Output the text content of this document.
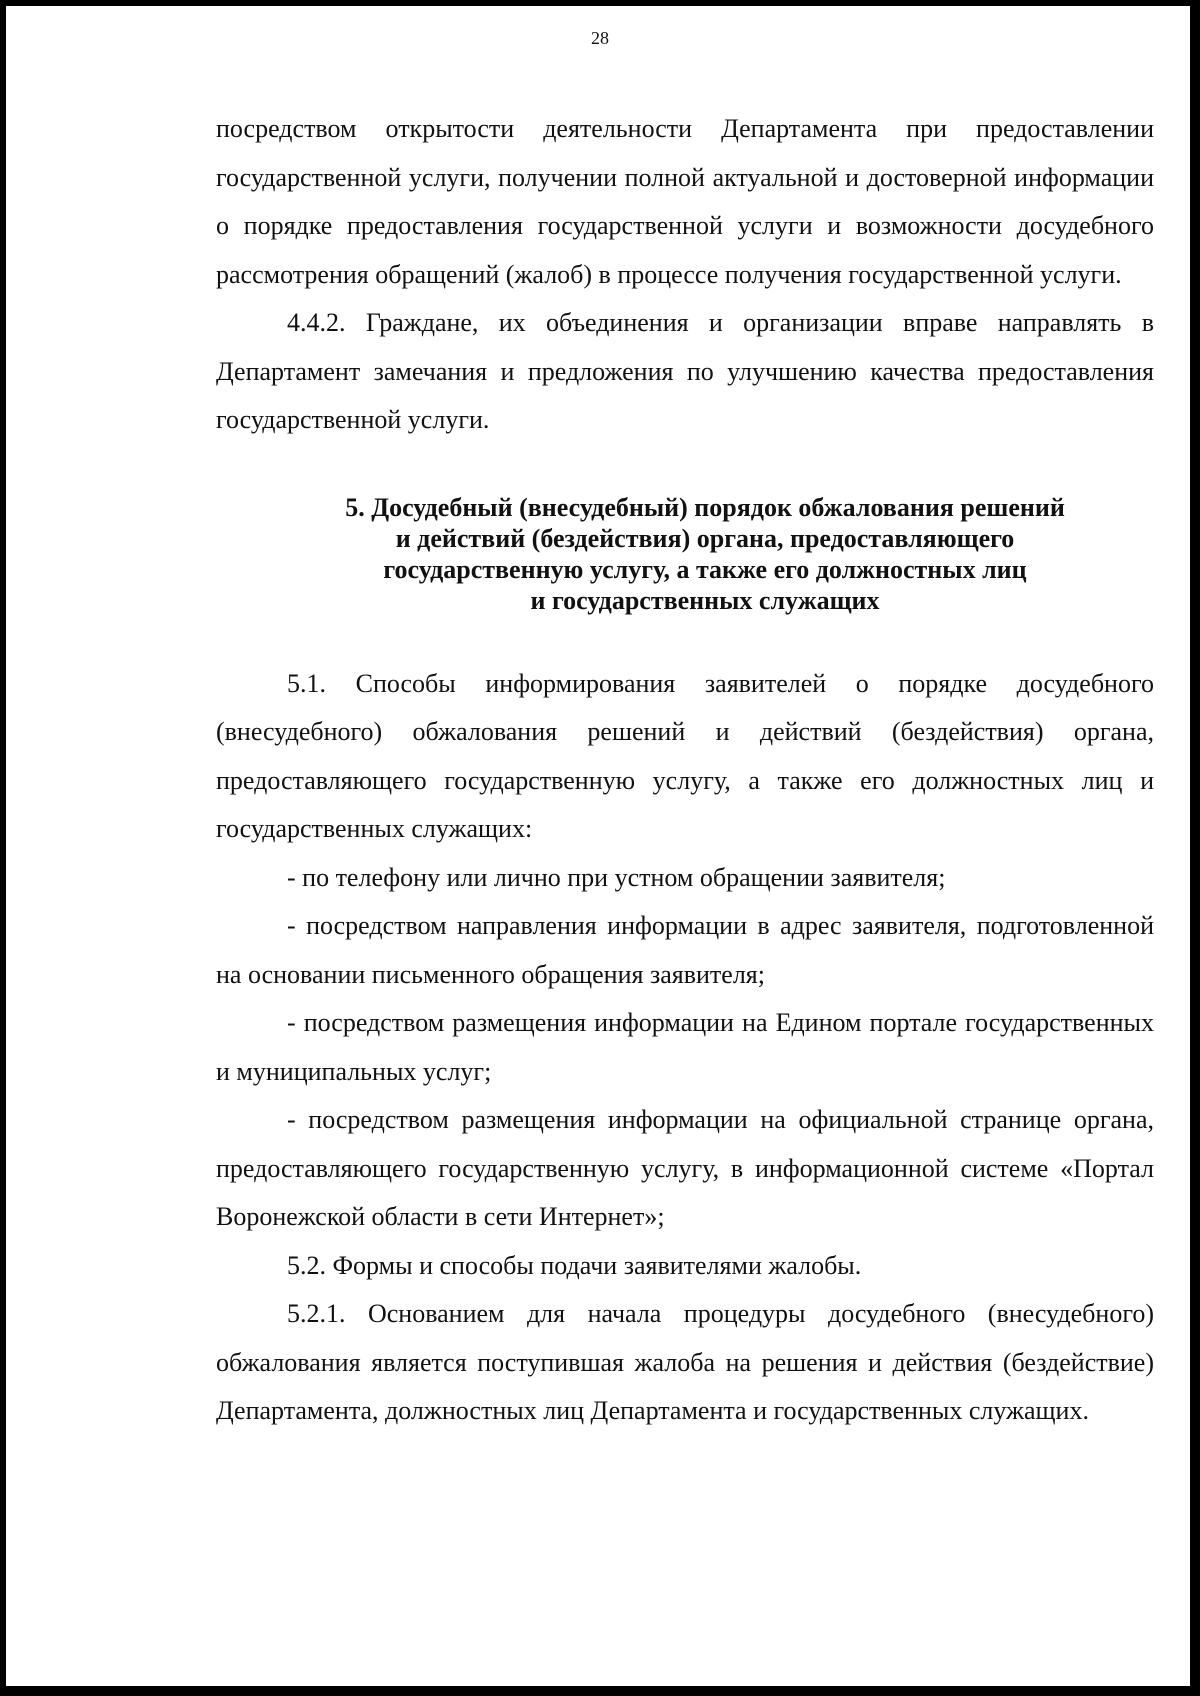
28

посредством открытости деятельности Департамента при предоставлении государственной услуги, получении полной актуальной и достоверной информации о порядке предоставления государственной услуги и возможности досудебного рассмотрения обращений (жалоб) в процессе получения государственной услуги.

4.4.2. Граждане, их объединения и организации вправе направлять в Департамент замечания и предложения по улучшению качества предоставления государственной услуги.

5. Досудебный (внесудебный) порядок обжалования решений
и действий (бездействия) органа, предоставляющего
государственную услугу, а также его должностных лиц
и государственных служащих

5.1. Способы информирования заявителей о порядке досудебного (внесудебного) обжалования решений и действий (бездействия) органа, предоставляющего государственную услугу, а также его должностных лиц и государственных служащих:

- по телефону или лично при устном обращении заявителя;

- посредством направления информации в адрес заявителя, подготовленной на основании письменного обращения заявителя;

- посредством размещения информации на Едином портале государственных и муниципальных услуг;

- посредством размещения информации на официальной странице органа, предоставляющего государственную услугу, в информационной системе «Портал Воронежской области в сети Интернет»;

5.2. Формы и способы подачи заявителями жалобы.

5.2.1. Основанием для начала процедуры досудебного (внесудебного) обжалования является поступившая жалоба на решения и действия (бездействие) Департамента, должностных лиц Департамента и государственных служащих.
